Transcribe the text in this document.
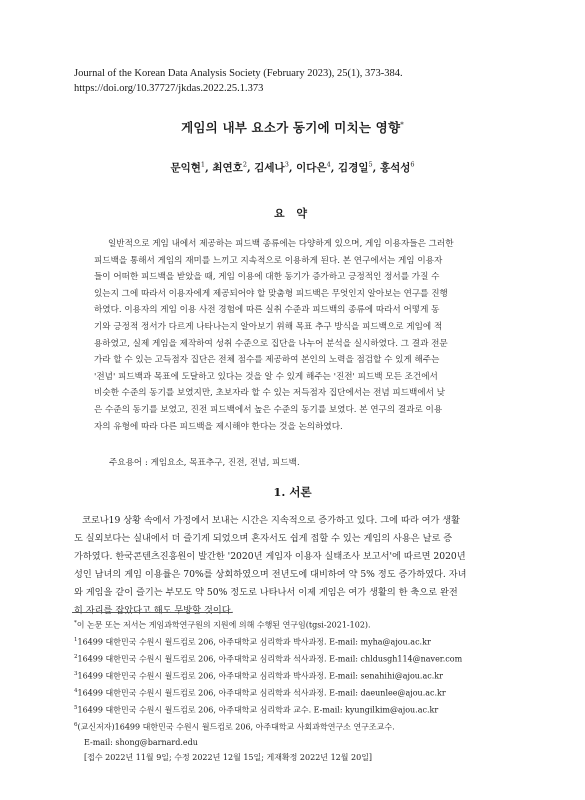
Journal of the Korean Data Analysis Society (February 2023), 25(1), 373-384.
https://doi.org/10.37727/jkdas.2022.25.1.373
게임의 내부 요소가 동기에 미치는 영향*
문익현$^1$, 최연호$^2$, 김세나$^3$, 이다은$^4$, 김경일$^5$, 홍석성$^6$
요 약
일반적으로 게임 내에서 제공하는 피드백 종류에는 다양하게 있으며, 게임 이용자들은 그러한
피드백을 통해서 게임의 재미를 느끼고 지속적으로 이용하게 된다. 본 연구에서는 게임 이용자
들이 어떠한 피드백을 받았을 때, 게임 이용에 대한 동기가 증가하고 긍정적인 정서를 가질 수
있는지 그에 따라서 이용자에게 제공되어야 할 맞춤형 피드백은 무엇인지 알아보는 연구를 진행
하였다. 이용자의 게임 이용 사전 경험에 따른 실취 수준과 피드백의 종류에 따라서 어떻게 동
기와 긍정적 정서가 다르게 나타나는지 알아보기 위해 목표 추구 방식을 피드백으로 게임에 적
용하였고, 실제 게임을 제작하여 성취 수준으로 집단을 나누어 분석을 실시하였다. 그 결과 전문
가라 할 수 있는 고득점자 집단은 전체 점수를 제공하여 본인의 노력을 점검할 수 있게 해주는
'전념' 피드백과 목표에 도달하고 있다는 것을 알 수 있게 해주는 '진전' 피드백 모든 조건에서
비슷한 수준의 동기를 보였지만, 초보자라 할 수 있는 저득점자 집단에서는 전념 피드백에서 낮
은 수준의 동기를 보였고, 진전 피드백에서 높은 수준의 동기를 보였다. 본 연구의 결과로 이용
자의 유형에 따라 다른 피드백을 제시해야 한다는 것을 논의하였다.
주요용어 : 게임요소, 목표추구, 진전, 전념, 피드백.
1. 서론
코로나19 상황 속에서 가정에서 보내는 시간은 지속적으로 증가하고 있다. 그에 따라 여가 생활
도 실외보다는 실내에서 더 즐기게 되었으며 혼자서도 쉽게 접할 수 있는 게임의 사용은 날로 증
가하였다. 한국콘텐츠진흥원이 발간한 '2020년 게임자 이용자 실태조사 보고서'에 따르면 2020년
성인 남녀의 게임 이용률은 70%를 상회하였으며 전년도에 대비하여 약 5% 정도 증가하였다. 자녀
와 게임을 같이 즐기는 부모도 약 50% 정도로 나타나서 이제 게임은 여가 생활의 한 축으로 완전
히 자리를 잡았다고 해도 무방할 것이다.
*이 논문 또는 저서는 게임과학연구원의 지원에 의해 수행된 연구임(tgsi-2021-102).
$^1$16499 대한민국 수원시 월드컵로 206, 아주대학교 심리학과 박사과정. E-mail: myha@ajou.ac.kr
$^2$16499 대한민국 수원시 월드컵로 206, 아주대학교 심리학과 석사과정. E-mail: chldusgh114@naver.com
$^3$16499 대한민국 수원시 월드컵로 206, 아주대학교 심리학과 박사과정. E-mail: senahihi@ajou.ac.kr
$^4$16499 대한민국 수원시 월드컵로 206, 아주대학교 심리학과 석사과정. E-mail: daeunlee@ajou.ac.kr
$^5$16499 대한민국 수원시 월드컵로 206, 아주대학교 심리학과 교수. E-mail: kyungilkim@ajou.ac.kr
$^6$(교신저자)16499 대한민국 수원시 월드컵로 206, 아주대학교 사회과학연구소 연구조교수.
E-mail: shong@barnard.edu
[접수 2022년 11월 9일; 수정 2022년 12월 15일; 게재확정 2022년 12월 20일]
